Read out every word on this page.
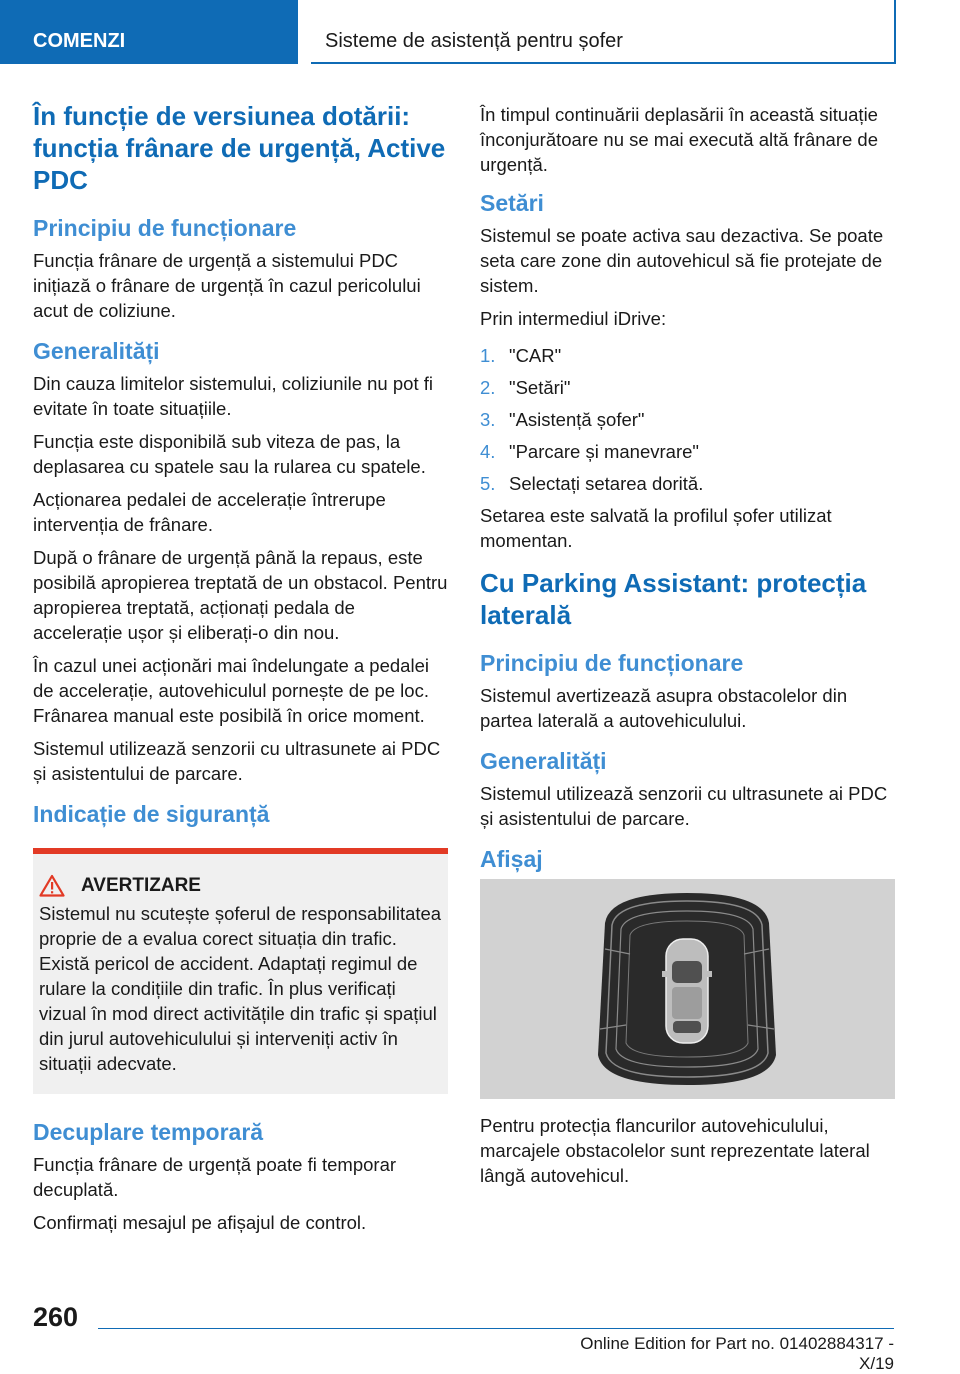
COMENZI	Sisteme de asistență pentru șofer
În funcție de versiunea dotării: funcția frânare de urgență, Active PDC
Principiu de funcționare

Funcția frânare de urgență a sistemului PDC inițiază o frânare de urgență în cazul pericolului acut de coliziune.

Generalități

Din cauza limitelor sistemului, coliziunile nu pot fi evitate în toate situațiile.

Funcția este disponibilă sub viteza de pas, la deplasarea cu spatele sau la rularea cu spatele.

Acționarea pedalei de accelerație întrerupe intervenția de frânare.

După o frânare de urgență până la repaus, este posibilă apropierea treptată de un obstacol. Pentru apropierea treptată, acționați pedala de accelerație ușor și eliberați-o din nou.

În cazul unei acționări mai îndelungate a pedalei de accelerație, autovehiculul pornește de pe loc. Frânarea manual este posibilă în orice moment.

Sistemul utilizează senzorii cu ultrasunete ai PDC și asistentului de parcare.

Indicație de siguranță
AVERTIZARE

Sistemul nu scutește șoferul de responsabilitatea proprie de a evalua corect situația din trafic. Există pericol de accident. Adaptați regimul de rulare la condițiile din trafic. În plus verificați vizual în mod direct activitățile din trafic și spațiul din jurul autovehiculului și interveniți activ în situații adecvate.

Decuplare temporară

Funcția frânare de urgență poate fi temporar decuplată.

Confirmați mesajul pe afișajul de control.

În timpul continuării deplasării în această situație înconjurătoare nu se mai execută altă frânare de urgență.

Setări

Sistemul se poate activa sau dezactiva. Se poate seta care zone din autovehicul să fie protejate de sistem.

Prin intermediul iDrive:

1. "CAR"
2. "Setări"
3. "Asistență șofer"
4. "Parcare și manevrare"
5. Selectați setarea dorită.

Setarea este salvată la profilul șofer utilizat momentan.

Cu Parking Assistant: protecția laterală
Principiu de funcționare

Sistemul avertizează asupra obstacolelor din partea laterală a autovehiculului.

Generalități

Sistemul utilizează senzorii cu ultrasunete ai PDC și asistentului de parcare.

Afișaj

Pentru protecția flancurilor autovehiculului, marcajele obstacolelor sunt reprezentate lateral lângă autovehicul.

260
Online Edition for Part no. 01402884317 - X/19
